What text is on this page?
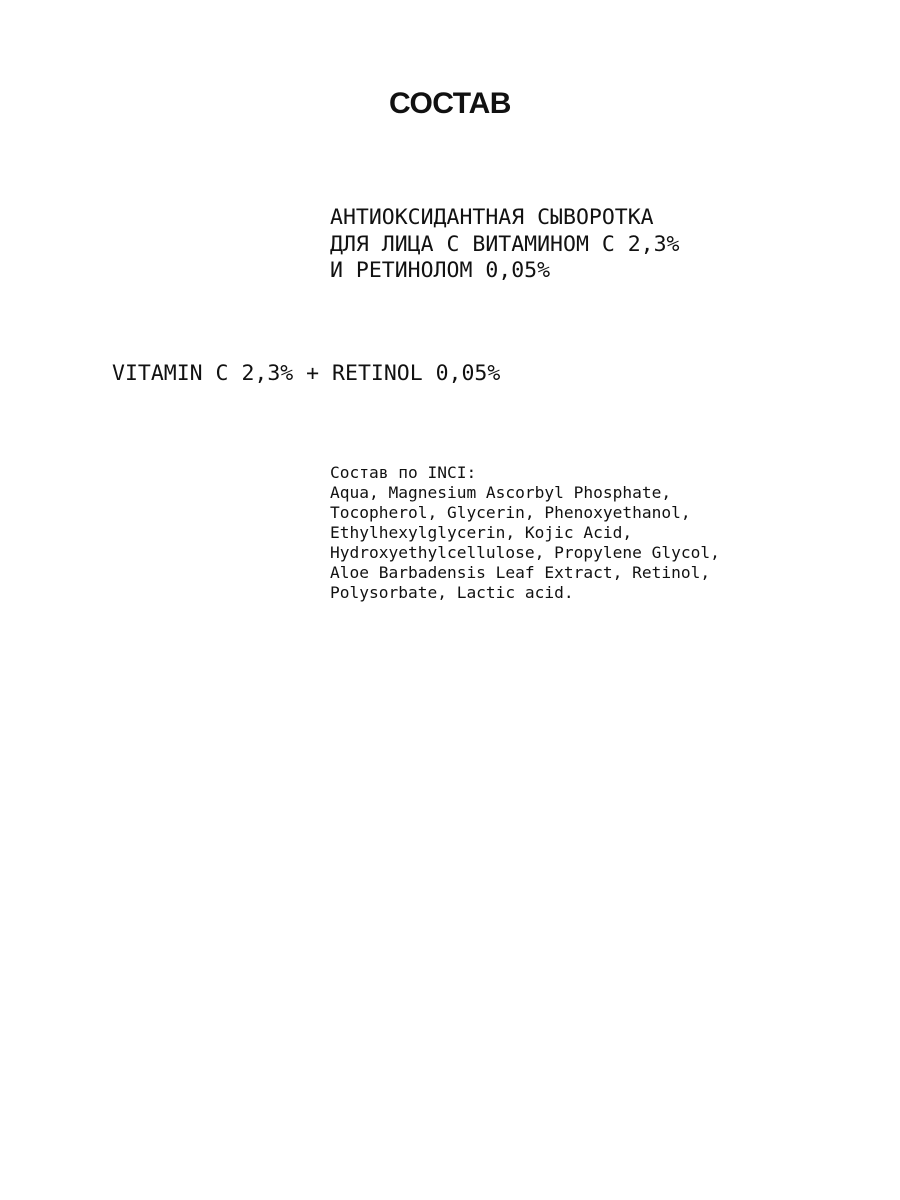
СОСТАВ
АНТИОКСИДАНТНАЯ СЫВОРОТКА
ДЛЯ ЛИЦА С ВИТАМИНОМ С 2,3%
И РЕТИНОЛОМ 0,05%
VITAMIN C 2,3% + RETINOL 0,05%
Состав по INCI:
Aqua, Magnesium Ascorbyl Phosphate,
Tocopherol, Glycerin, Phenoxyethanol,
Ethylhexylglycerin, Kojic Acid,
Hydroxyethylcellulose, Propylene Glycol,
Aloe Barbadensis Leaf Extract, Retinol,
Polysorbate, Lactic acid.
